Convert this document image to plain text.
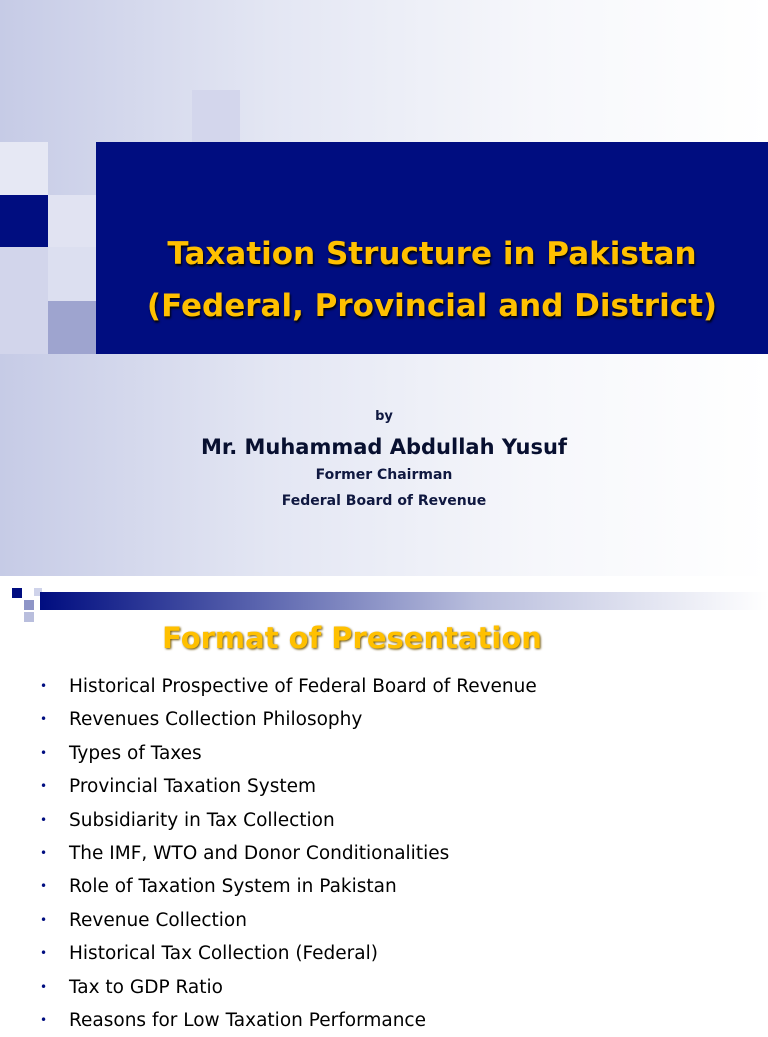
Taxation Structure in Pakistan
(Federal, Provincial and District)
by
Mr. Muhammad Abdullah Yusuf
Former Chairman
Federal Board of Revenue
Format of Presentation
• Historical Prospective of Federal Board of Revenue
• Revenues Collection Philosophy
• Types of Taxes
• Provincial Taxation System
• Subsidiarity in Tax Collection
• The IMF, WTO and Donor Conditionalities
• Role of Taxation System in Pakistan
• Revenue Collection
• Historical Tax Collection (Federal)
• Tax to GDP Ratio
• Reasons for Low Taxation Performance
